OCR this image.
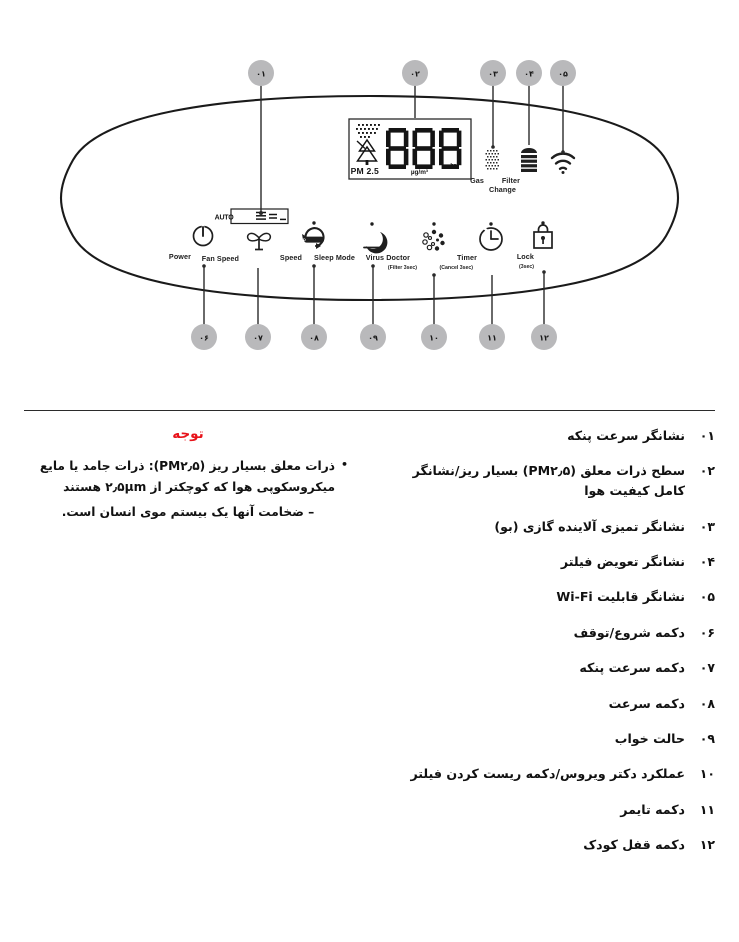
hr
PM 2.5	µg/m³
Gas Filter
Change
Power
AUTO
Fan Speed
SPEED
Speed Sleep Mode Virus Doctor
(Filter 3sec)
Timer
(Cancel 3sec)
Lock
(3sec)
۰۱	۰۲	۰۳	۰۴	۰۵
۰۶	۰۷	۰۸	۰۹	۱۰	۱۱	۱۲
۰۱
نشانگر سرعت پنکه
۰۲
سطح ذرات معلق (PM۲٫۵) بسیار ریز/نشانگر کامل کیفیت هوا
۰۳
نشانگر تمیزی آلاینده گازی (بو)
۰۴
نشانگر تعویض فیلتر
۰۵
نشانگر قابلیت Wi-Fi
۰۶
دکمه شروع/توقف
۰۷
دکمه سرعت پنکه
۰۸
دکمه سرعت
۰۹
حالت خواب
۱۰
عملکرد دکتر ویروس/دکمه ریست کردن فیلتر
۱۱
دکمه تایمر
۱۲
دکمه قفل کودک
توجه
•
ذرات معلق بسیار ریز (PM۲٫۵): ذرات جامد یا مایع میکروسکوپی هوا که کوچکتر از ۲٫۵μm هستند
– ضخامت آنها یک بیستم موی انسان است.
